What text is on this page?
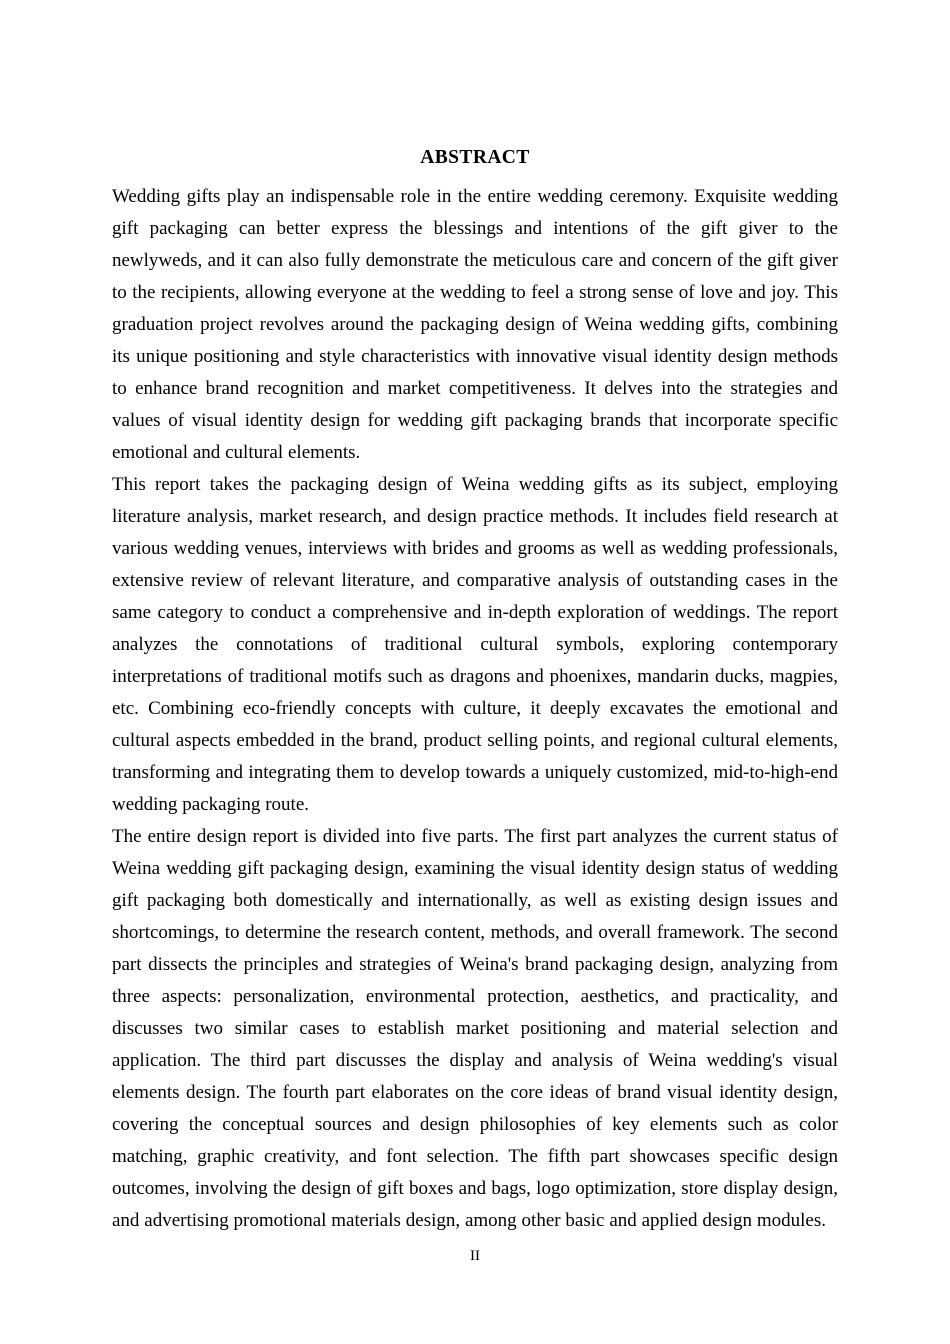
ABSTRACT

Wedding gifts play an indispensable role in the entire wedding ceremony. Exquisite wedding gift packaging can better express the blessings and intentions of the gift giver to the newlyweds, and it can also fully demonstrate the meticulous care and concern of the gift giver to the recipients, allowing everyone at the wedding to feel a strong sense of love and joy. This graduation project revolves around the packaging design of Weina wedding gifts, combining its unique positioning and style characteristics with innovative visual identity design methods to enhance brand recognition and market competitiveness. It delves into the strategies and values of visual identity design for wedding gift packaging brands that incorporate specific emotional and cultural elements.

This report takes the packaging design of Weina wedding gifts as its subject, employing literature analysis, market research, and design practice methods. It includes field research at various wedding venues, interviews with brides and grooms as well as wedding professionals, extensive review of relevant literature, and comparative analysis of outstanding cases in the same category to conduct a comprehensive and in-depth exploration of weddings. The report analyzes the connotations of traditional cultural symbols, exploring contemporary interpretations of traditional motifs such as dragons and phoenixes, mandarin ducks, magpies, etc. Combining eco-friendly concepts with culture, it deeply excavates the emotional and cultural aspects embedded in the brand, product selling points, and regional cultural elements, transforming and integrating them to develop towards a uniquely customized, mid-to-high-end wedding packaging route.

The entire design report is divided into five parts. The first part analyzes the current status of Weina wedding gift packaging design, examining the visual identity design status of wedding gift packaging both domestically and internationally, as well as existing design issues and shortcomings, to determine the research content, methods, and overall framework. The second part dissects the principles and strategies of Weina's brand packaging design, analyzing from three aspects: personalization, environmental protection, aesthetics, and practicality, and discusses two similar cases to establish market positioning and material selection and application. The third part discusses the display and analysis of Weina wedding's visual elements design. The fourth part elaborates on the core ideas of brand visual identity design, covering the conceptual sources and design philosophies of key elements such as color matching, graphic creativity, and font selection. The fifth part showcases specific design outcomes, involving the design of gift boxes and bags, logo optimization, store display design, and advertising promotional materials design, among other basic and applied design modules.

II
